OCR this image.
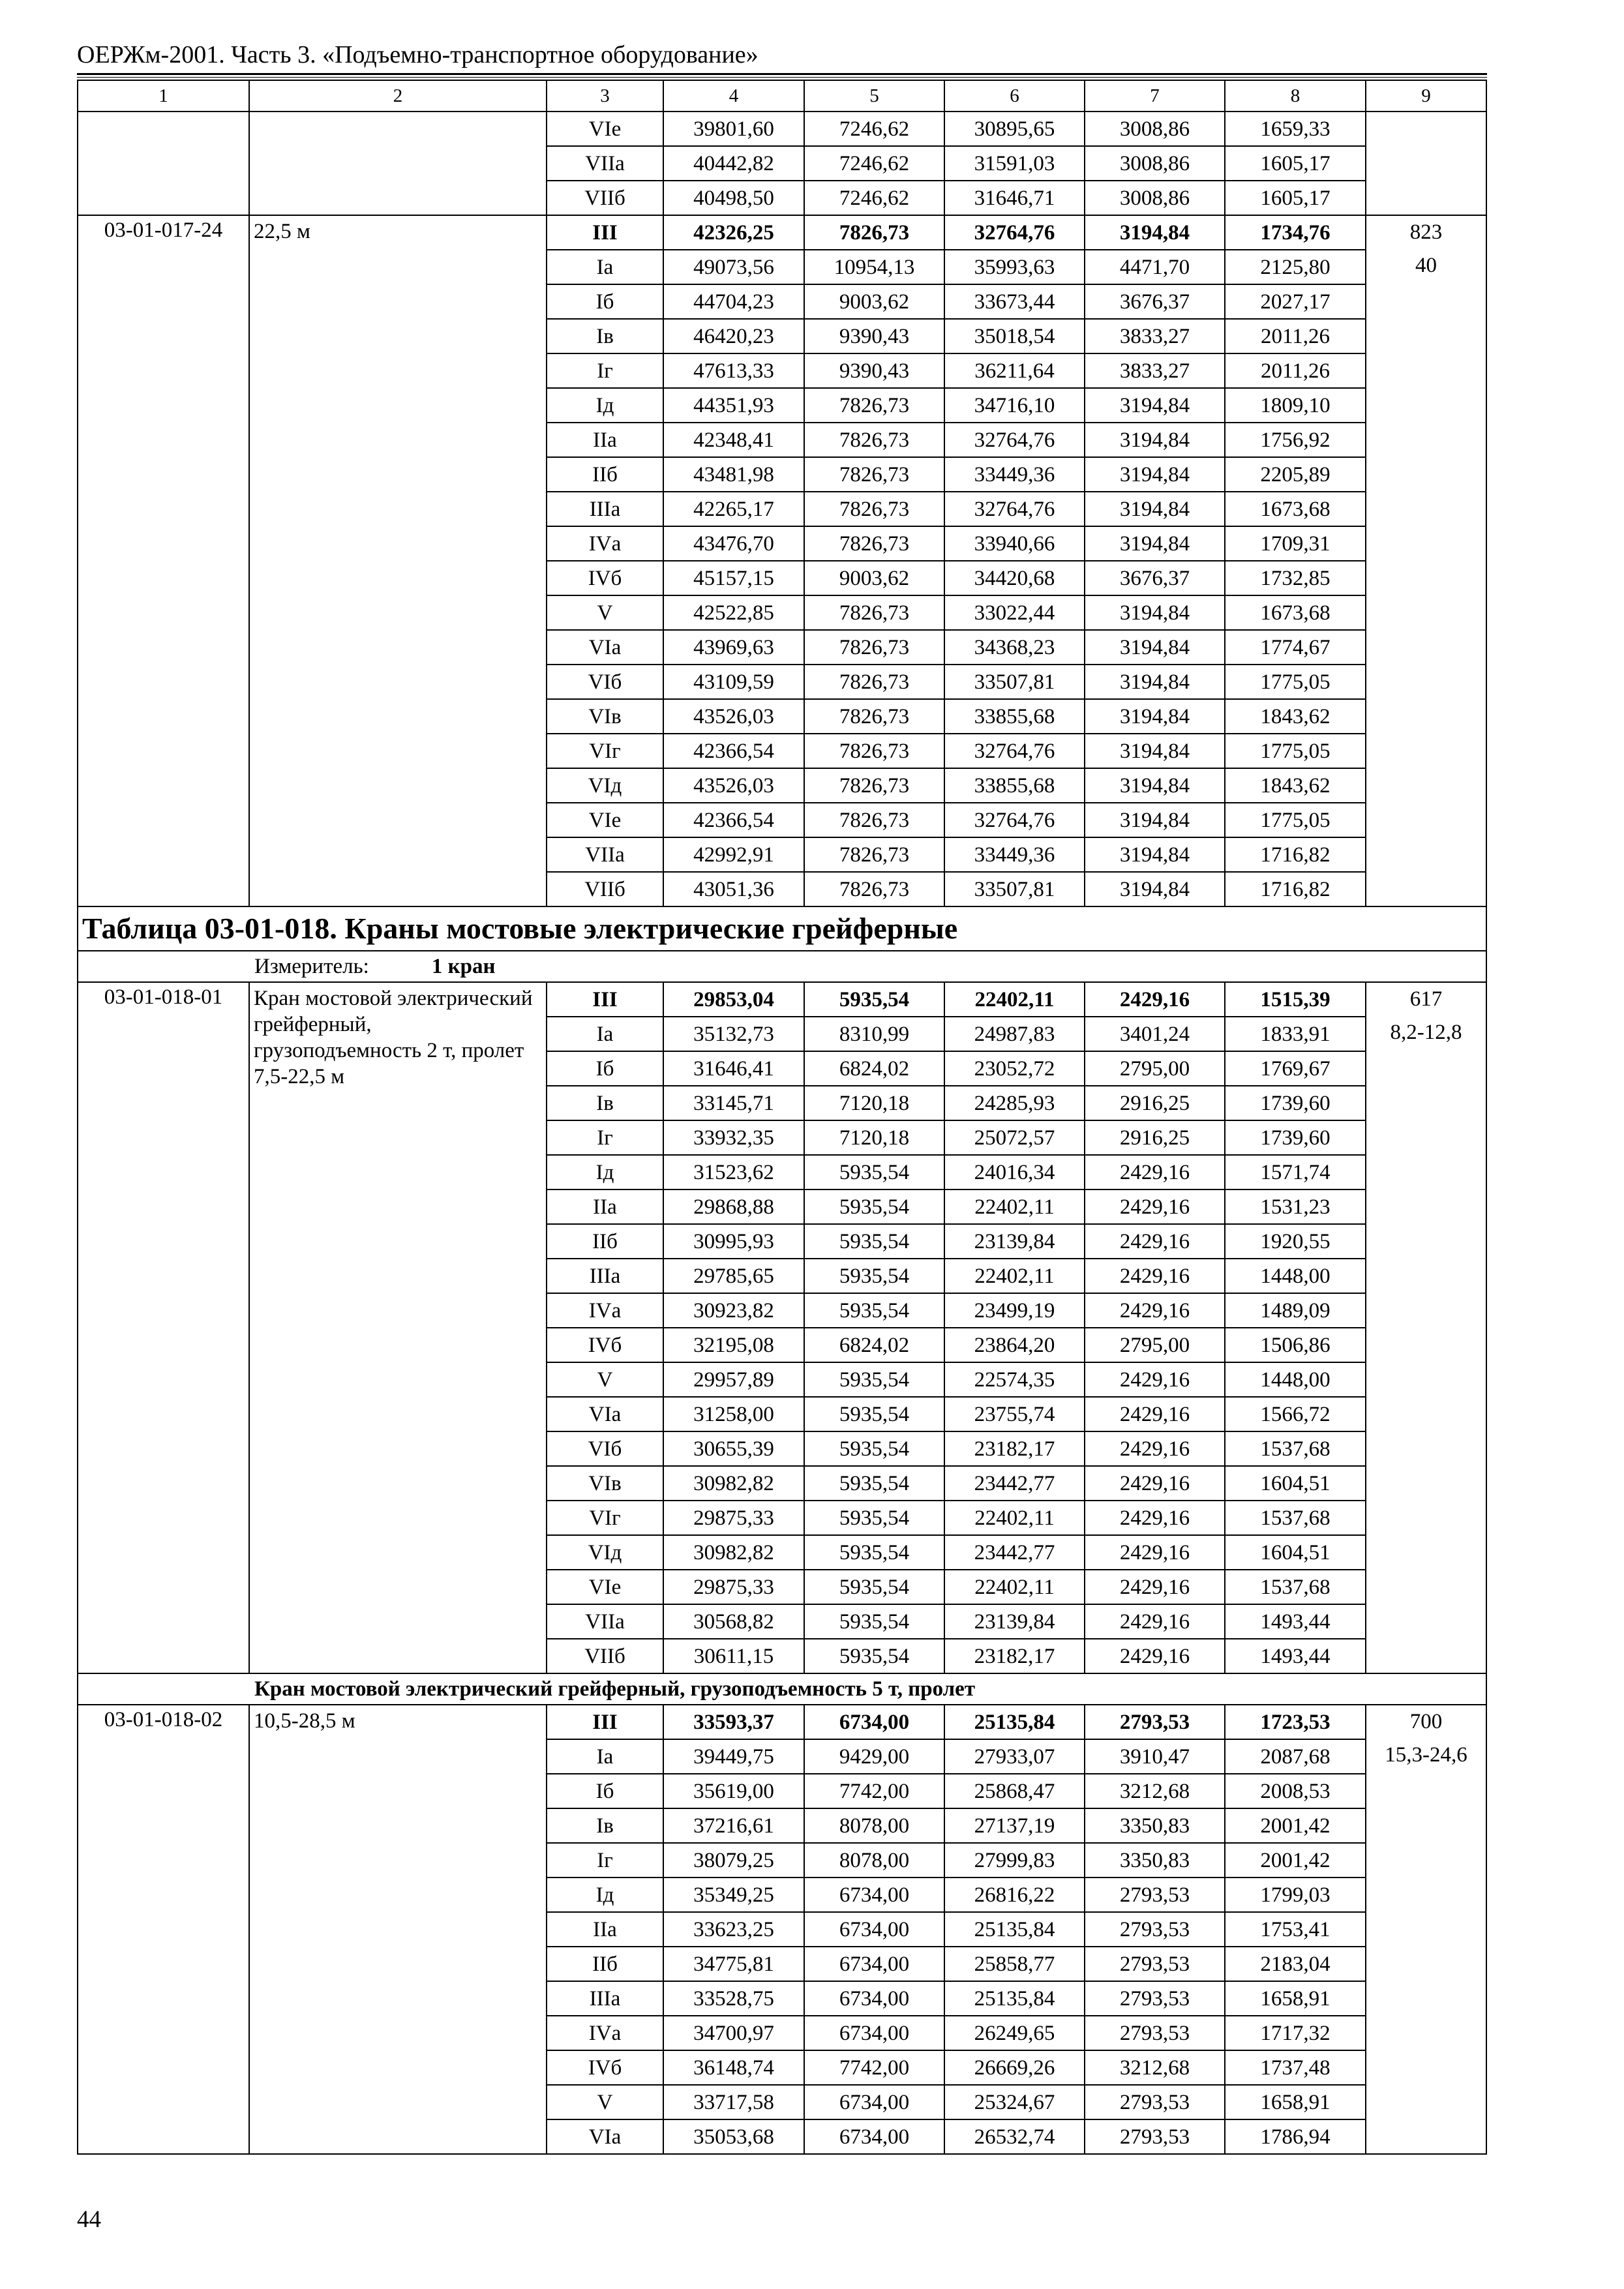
ОЕРЖм-2001. Часть 3. «Подъемно-транспортное оборудование»
1	2	3	4	5	6	7	8	9
		VIе	39801,60	7246,62	30895,65	3008,86	1659,33	
		VIIа	40442,82	7246,62	31591,03	3008,86	1605,17	
		VIIб	40498,50	7246,62	31646,71	3008,86	1605,17	
03-01-017-24	22,5 м	III	42326,25	7826,73	32764,76	3194,84	1734,76	823
40

		Iа	49073,56	10954,13	35993,63	4471,70	2125,80	
		Iб	44704,23	9003,62	33673,44	3676,37	2027,17	
		Iв	46420,23	9390,43	35018,54	3833,27	2011,26	
		Iг	47613,33	9390,43	36211,64	3833,27	2011,26	
		Iд	44351,93	7826,73	34716,10	3194,84	1809,10	
		IIа	42348,41	7826,73	32764,76	3194,84	1756,92	
		IIб	43481,98	7826,73	33449,36	3194,84	2205,89	
		IIIа	42265,17	7826,73	32764,76	3194,84	1673,68	
		IVа	43476,70	7826,73	33940,66	3194,84	1709,31	
		IVб	45157,15	9003,62	34420,68	3676,37	1732,85	
		V	42522,85	7826,73	33022,44	3194,84	1673,68	
		VIа	43969,63	7826,73	34368,23	3194,84	1774,67	
		VIб	43109,59	7826,73	33507,81	3194,84	1775,05	
		VIв	43526,03	7826,73	33855,68	3194,84	1843,62	
		VIг	42366,54	7826,73	32764,76	3194,84	1775,05	
		VIд	43526,03	7826,73	33855,68	3194,84	1843,62	
		VIе	42366,54	7826,73	32764,76	3194,84	1775,05	
		VIIа	42992,91	7826,73	33449,36	3194,84	1716,82	
		VIIб	43051,36	7826,73	33507,81	3194,84	1716,82	
Таблица 03-01-018. Краны мостовые электрические грейферные								
Измеритель: 1 кран								
03-01-018-01	Кран мостовой электрический грейферный, грузоподъемность 2 т, пролет 7,5-22,5 м	III	29853,04	5935,54	22402,11	2429,16	1515,39	617
8,2-12,8

		Iа	35132,73	8310,99	24987,83	3401,24	1833,91	
		Iб	31646,41	6824,02	23052,72	2795,00	1769,67	
		Iв	33145,71	7120,18	24285,93	2916,25	1739,60	
		Iг	33932,35	7120,18	25072,57	2916,25	1739,60	
		Iд	31523,62	5935,54	24016,34	2429,16	1571,74	
		IIа	29868,88	5935,54	22402,11	2429,16	1531,23	
		IIб	30995,93	5935,54	23139,84	2429,16	1920,55	
		IIIа	29785,65	5935,54	22402,11	2429,16	1448,00	
		IVа	30923,82	5935,54	23499,19	2429,16	1489,09	
		IVб	32195,08	6824,02	23864,20	2795,00	1506,86	
		V	29957,89	5935,54	22574,35	2429,16	1448,00	
		VIа	31258,00	5935,54	23755,74	2429,16	1566,72	
		VIб	30655,39	5935,54	23182,17	2429,16	1537,68	
		VIв	30982,82	5935,54	23442,77	2429,16	1604,51	
		VIг	29875,33	5935,54	22402,11	2429,16	1537,68	
		VIд	30982,82	5935,54	23442,77	2429,16	1604,51	
		VIе	29875,33	5935,54	22402,11	2429,16	1537,68	
		VIIа	30568,82	5935,54	23139,84	2429,16	1493,44	
		VIIб	30611,15	5935,54	23182,17	2429,16	1493,44	
Кран мостовой электрический грейферный, грузоподъемность 5 т, пролет								
03-01-018-02	10,5-28,5 м	III	33593,37	6734,00	25135,84	2793,53	1723,53	700
15,3-24,6

		Iа	39449,75	9429,00	27933,07	3910,47	2087,68	
		Iб	35619,00	7742,00	25868,47	3212,68	2008,53	
		Iв	37216,61	8078,00	27137,19	3350,83	2001,42	
		Iг	38079,25	8078,00	27999,83	3350,83	2001,42	
		Iд	35349,25	6734,00	26816,22	2793,53	1799,03	
		IIа	33623,25	6734,00	25135,84	2793,53	1753,41	
		IIб	34775,81	6734,00	25858,77	2793,53	2183,04	
		IIIа	33528,75	6734,00	25135,84	2793,53	1658,91	
		IVа	34700,97	6734,00	26249,65	2793,53	1717,32	
		IVб	36148,74	7742,00	26669,26	3212,68	1737,48	
		V	33717,58	6734,00	25324,67	2793,53	1658,91	
		VIа	35053,68	6734,00	26532,74	2793,53	1786,94	
44
